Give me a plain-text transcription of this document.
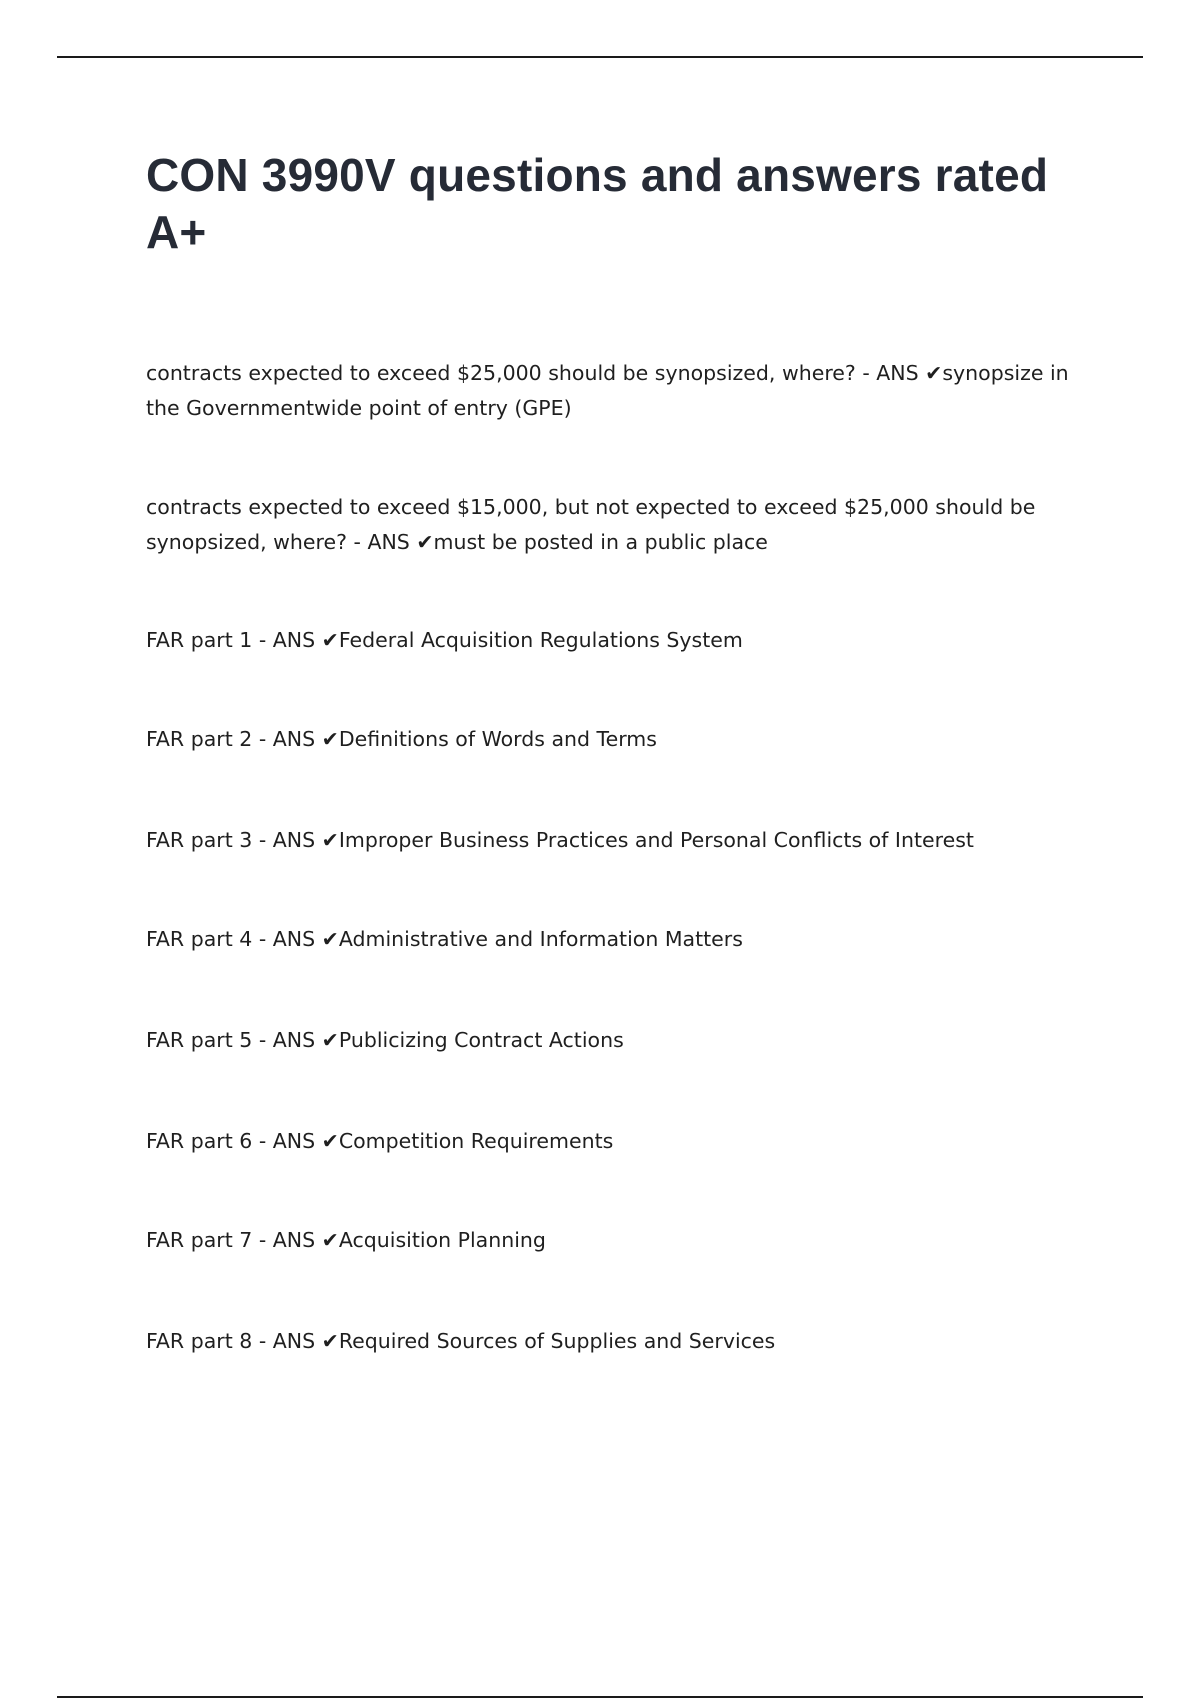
CON 3990V questions and answers rated A+

contracts expected to exceed $25,000 should be synopsized, where? - ANS ✔synopsize in the Governmentwide point of entry (GPE)

contracts expected to exceed $15,000, but not expected to exceed $25,000 should be synopsized, where? - ANS ✔must be posted in a public place

FAR part 1 - ANS ✔Federal Acquisition Regulations System

FAR part 2 - ANS ✔Definitions of Words and Terms

FAR part 3 - ANS ✔Improper Business Practices and Personal Conflicts of Interest

FAR part 4 - ANS ✔Administrative and Information Matters

FAR part 5 - ANS ✔Publicizing Contract Actions

FAR part 6 - ANS ✔Competition Requirements

FAR part 7 - ANS ✔Acquisition Planning

FAR part 8 - ANS ✔Required Sources of Supplies and Services
